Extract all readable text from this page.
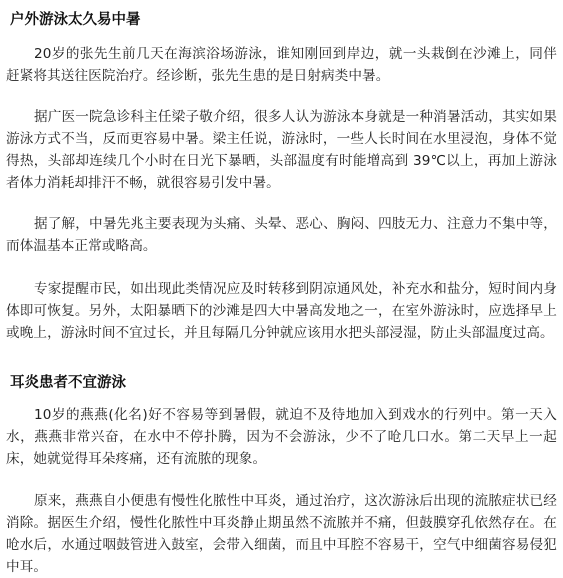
户外游泳太久易中暑
20岁的张先生前几天在海滨浴场游泳，谁知刚回到岸边，就一头栽倒在沙滩上，同伴赶紧将其送往医院治疗。经诊断，张先生患的是日射病类中暑。
据广医一院急诊科主任梁子敬介绍，很多人认为游泳本身就是一种消暑活动，其实如果游泳方式不当，反而更容易中暑。梁主任说，游泳时，一些人长时间在水里浸泡，身体不觉得热，头部却连续几个小时在日光下暴晒，头部温度有时能增高到 39℃以上，再加上游泳者体力消耗却排汗不畅，就很容易引发中暑。
据了解，中暑先兆主要表现为头痛、头晕、恶心、胸闷、四肢无力、注意力不集中等，而体温基本正常或略高。
专家提醒市民，如出现此类情况应及时转移到阴凉通风处，补充水和盐分，短时间内身体即可恢复。另外，太阳暴晒下的沙滩是四大中暑高发地之一，在室外游泳时，应选择早上或晚上，游泳时间不宜过长，并且每隔几分钟就应该用水把头部浸湿，防止头部温度过高。
耳炎患者不宜游泳
10岁的燕燕(化名)好不容易等到暑假，就迫不及待地加入到戏水的行列中。第一天入水，燕燕非常兴奋，在水中不停扑腾，因为不会游泳，少不了呛几口水。第二天早上一起床，她就觉得耳朵疼痛，还有流脓的现象。
原来，燕燕自小便患有慢性化脓性中耳炎，通过治疗，这次游泳后出现的流脓症状已经消除。据医生介绍，慢性化脓性中耳炎静止期虽然不流脓并不痛，但鼓膜穿孔依然存在。在呛水后，水通过咽鼓管进入鼓室，会带入细菌，而且中耳腔不容易干，空气中细菌容易侵犯中耳。
